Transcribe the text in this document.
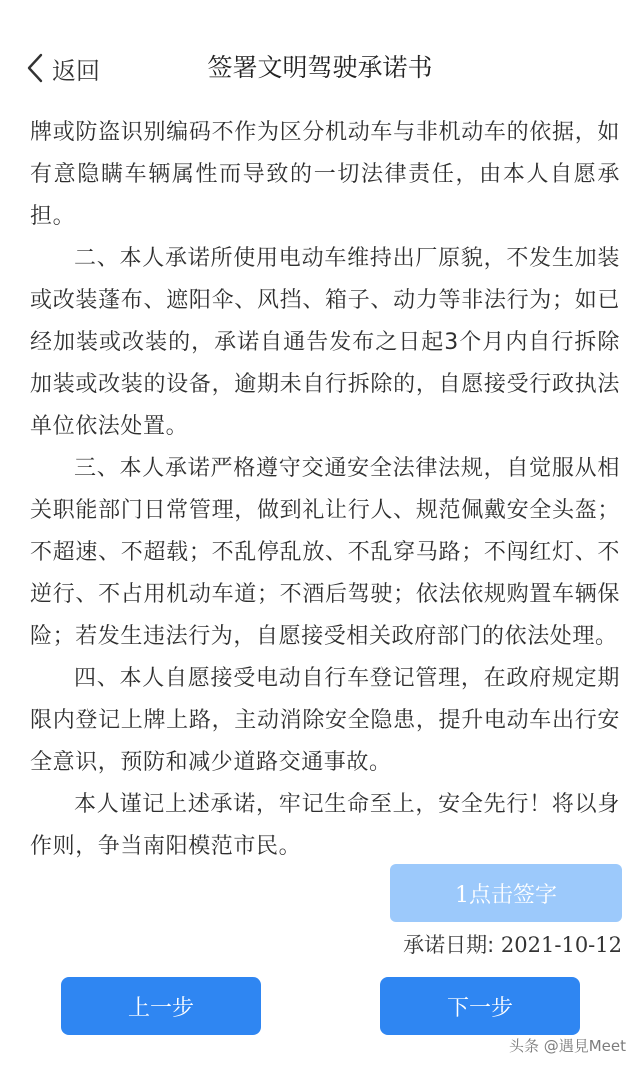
返回	签署文明驾驶承诺书

牌或防盗识别编码不作为区分机动车与非机动车的依据，如有意隐瞒车辆属性而导致的一切法律责任，由本人自愿承担。

二、本人承诺所使用电动车维持出厂原貌，不发生加装或改装蓬布、遮阳伞、风挡、箱子、动力等非法行为；如已经加装或改装的，承诺自通告发布之日起3个月内自行拆除加装或改装的设备，逾期未自行拆除的，自愿接受行政执法单位依法处置。

三、本人承诺严格遵守交通安全法律法规，自觉服从相关职能部门日常管理，做到礼让行人、规范佩戴安全头盔；不超速、不超载；不乱停乱放、不乱穿马路；不闯红灯、不逆行、不占用机动车道；不酒后驾驶；依法依规购置车辆保险；若发生违法行为，自愿接受相关政府部门的依法处理。

四、本人自愿接受电动自行车登记管理，在政府规定期限内登记上牌上路，主动消除安全隐患，提升电动车出行安全意识，预防和减少道路交通事故。

本人谨记上述承诺，牢记生命至上，安全先行！将以身作则，争当南阳模范市民。

1点击签字
承诺日期: 2021-10-12
上一步	下一步
头条 @遇見Meet
